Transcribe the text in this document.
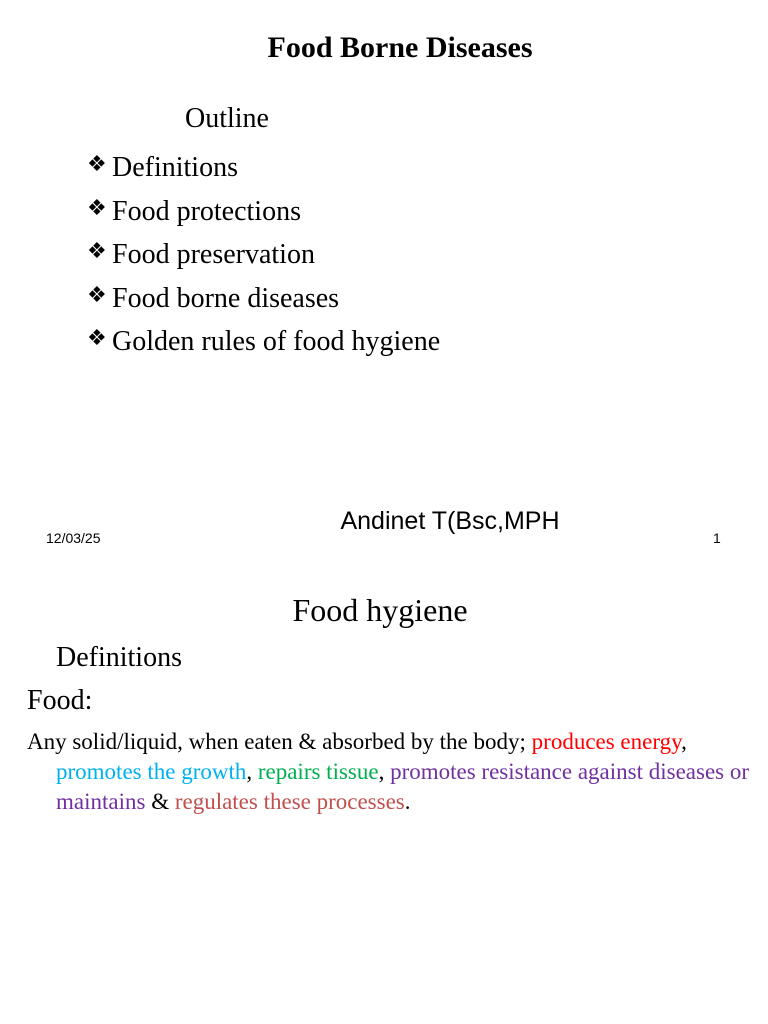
Food Borne Diseases
Outline
❖ Definitions
❖ Food protections
❖ Food preservation
❖ Food borne diseases
❖ Golden rules of food hygiene
Andinet T(Bsc,MPH
12/03/25	1
Food hygiene
Definitions
Food:

Any solid/liquid, when eaten & absorbed by the body; produces energy, promotes the growth, repairs tissue, promotes resistance against diseases or maintains & regulates these processes.
